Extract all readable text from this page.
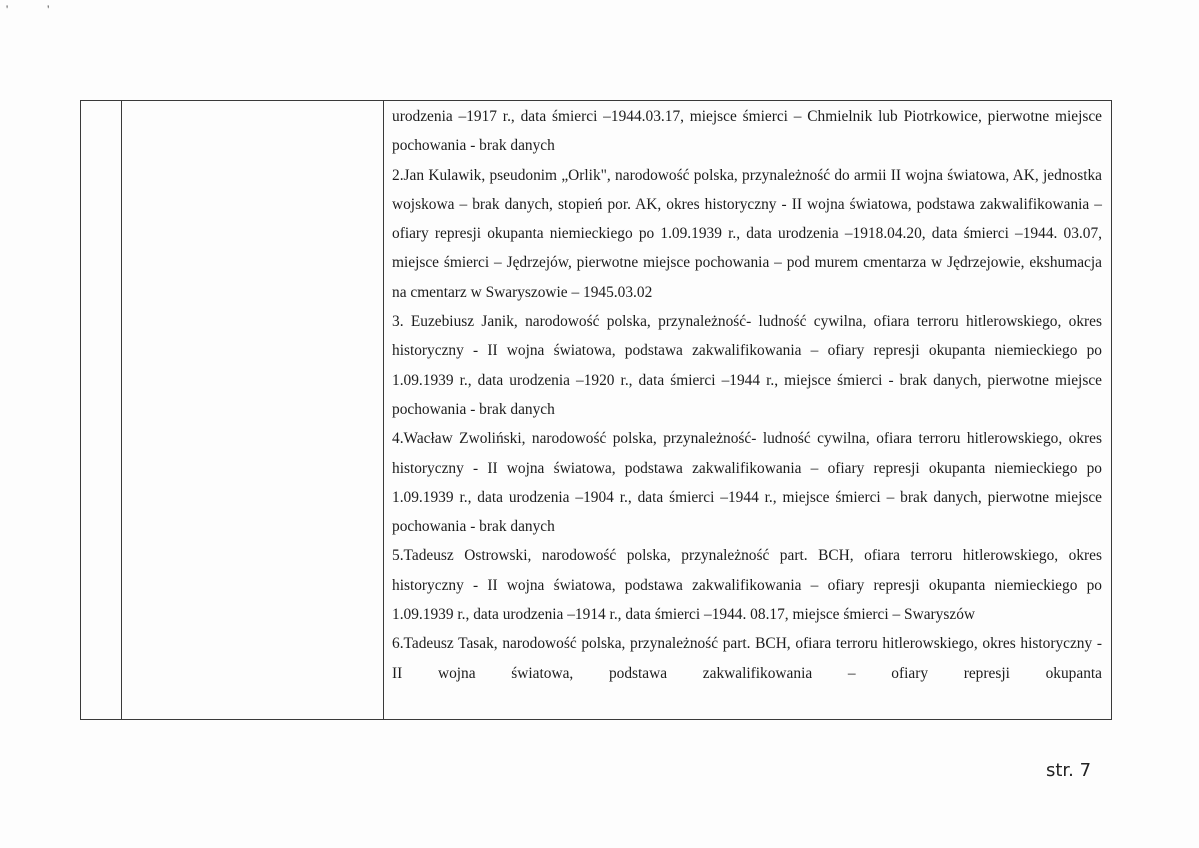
' '

urodzenia –1917 r., data śmierci –1944.03.17, miejsce śmierci – Chmielnik lub Piotrkowice, pierwotne miejsce pochowania - brak danych

2.Jan Kulawik, pseudonim „Orlik", narodowość polska, przynależność do armii II wojna światowa, AK, jednostka wojskowa – brak danych, stopień por. AK, okres historyczny - II wojna światowa, podstawa zakwalifikowania – ofiary represji okupanta niemieckiego po 1.09.1939 r., data urodzenia –1918.04.20, data śmierci –1944. 03.07, miejsce śmierci – Jędrzejów, pierwotne miejsce pochowania – pod murem cmentarza w Jędrzejowie, ekshumacja na cmentarz w Swaryszowie – 1945.03.02

3. Euzebiusz Janik, narodowość polska, przynależność- ludność cywilna, ofiara terroru hitlerowskiego, okres historyczny - II wojna światowa, podstawa zakwalifikowania – ofiary represji okupanta niemieckiego po 1.09.1939 r., data urodzenia –1920 r., data śmierci –1944 r., miejsce śmierci - brak danych, pierwotne miejsce pochowania - brak danych

4.Wacław Zwoliński, narodowość polska, przynależność- ludność cywilna, ofiara terroru hitlerowskiego, okres historyczny - II wojna światowa, podstawa zakwalifikowania – ofiary represji okupanta niemieckiego po 1.09.1939 r., data urodzenia –1904 r., data śmierci –1944 r., miejsce śmierci – brak danych, pierwotne miejsce pochowania - brak danych

5.Tadeusz Ostrowski, narodowość polska, przynależność part. BCH, ofiara terroru hitlerowskiego, okres historyczny - II wojna światowa, podstawa zakwalifikowania – ofiary represji okupanta niemieckiego po 1.09.1939 r., data urodzenia –1914 r., data śmierci –1944. 08.17, miejsce śmierci – Swaryszów

6.Tadeusz Tasak, narodowość polska, przynależność part. BCH, ofiara terroru hitlerowskiego, okres historyczny - II wojna światowa, podstawa zakwalifikowania – ofiary represji okupanta

str. 7
